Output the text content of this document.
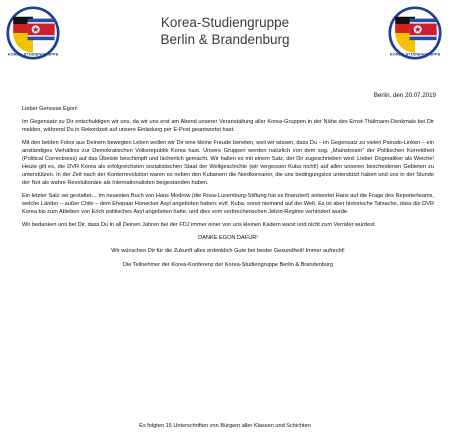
KOREA-STUDIENGRUPPE	KOREA-STUDIENGRUPPE
Korea-Studiengruppe
Berlin & Brandenburg
Berlin, den 20.07.2019

Lieber Genosse Egon!

Im Gegensatz zu Dir entschuldigen wir uns, da wir uns erst am Abend unserer Veranstaltung aller Korea-Gruppen in der Nähe des Ernst-Thälmann-Denkmals bei Dir melden, während Du in Rekordzeit auf unsere Einladung per E-Post geantwortet hast.

Mit den beiden Fotos aus Deinem bewegten Leben wollen wir Dir eine kleine Freude bereiten, weil wir wissen, dass Du – im Gegensatz zu vielen Pseudo-Linken – ein anständiges Verhältnis zur Demokratischen Volksrepublik Korea hast. Unsere Gruppen werden natürlich von dem sog. „Mainstream“ der Politischen Korrektheit (Political Correctness) auf das Übelste beschimpft und lächerlich gemacht. Wir halten es mit einem Satz, der Dir zugeschrieben wird: Lieber Dogmatiker als Weiche! Heute gilt es, die DVR Korea als erfolgreichsten sozialistischen Staat der Weltgeschichte (wir vergessen Kuba nicht!) auf allen unseren bescheidenen Gebieten zu unterstützen. In der Zeit nach der Konterrevolution waren es neben den Kubanern die Nordkoreaner, die uns bedingungslos unterstützt haben und uns in der Stunde der Not als wahre Revolutionäre als Internationalisten beigestanden haben.

Ein letzter Satz sei gestattet… Im neuesten Buch von Hans Modrow (die Rosa-Luxemburg-Stiftung hat es finanziert) antwortet Hans auf die Frage des Reporterteams, welche Länder – außer Chile – dem Ehepaar Honecker Asyl angeboten haben: evtl. Kuba, sonst niemand auf der Welt. Es ist aber historische Tatsache, dass die DVR Korea bis zum Ableben von Erich politisches Asyl angeboten hatte, und dies vom verbrecherischen Jelzin-Regime verhindert wurde.

Wir bedanken uns bei Dir, dass Du in all Deinen Jahren bei der FDJ immer einer von uns kleinen Kadern warst und nicht zum Verräter wurdest.

DANKE EGON DAFÜR!

Wir wünschen Dir für die Zukunft alles erdenklich Gute bei bester Gesundheit! Immer aufrecht!

Die Teilnehmer der Korea-Konferenz der Korea-Studiengruppe Berlin & Brandenburg

Es folgten 15 Unterschriften von Bürgern aller Klassen und Schichten
